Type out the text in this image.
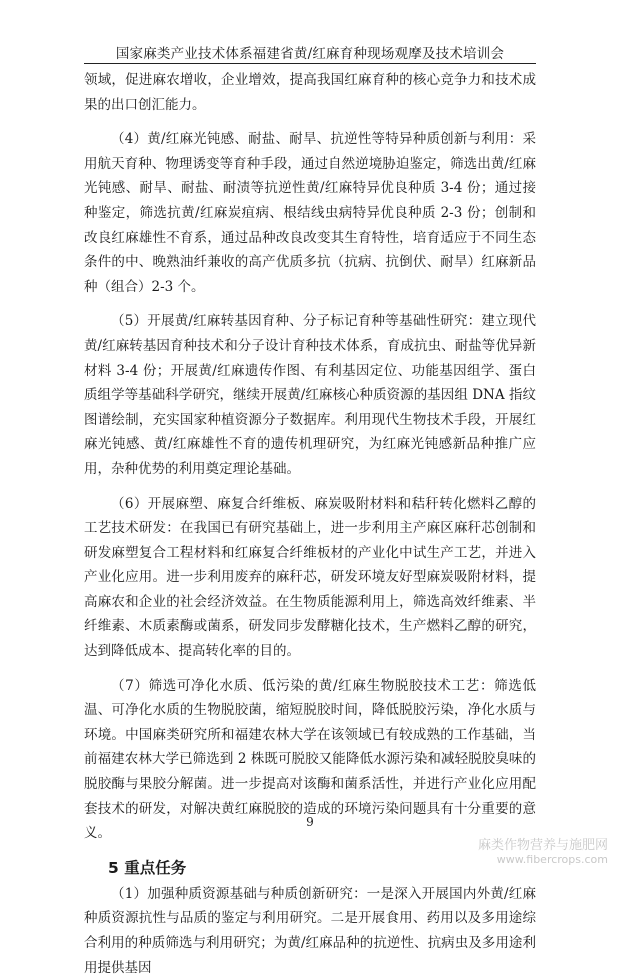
国家麻类产业技术体系福建省黄/红麻育种现场观摩及技术培训会

领域，促进麻农增收，企业增效，提高我国红麻育种的核心竞争力和技术成果的出口创汇能力。

（4）黄/红麻光钝感、耐盐、耐旱、抗逆性等特异种质创新与利用：采用航天育种、物理诱变等育种手段，通过自然逆境胁迫鉴定，筛选出黄/红麻光钝感、耐旱、耐盐、耐渍等抗逆性黄/红麻特异优良种质 3-4 份；通过接种鉴定，筛选抗黄/红麻炭疽病、根结线虫病特异优良种质 2-3 份；创制和改良红麻雄性不育系，通过品种改良改变其生育特性，培育适应于不同生态条件的中、晚熟油纤兼收的高产优质多抗（抗病、抗倒伏、耐旱）红麻新品种（组合）2-3 个。

（5）开展黄/红麻转基因育种、分子标记育种等基础性研究：建立现代黄/红麻转基因育种技术和分子设计育种技术体系，育成抗虫、耐盐等优异新材料 3-4 份；开展黄/红麻遗传作图、有利基因定位、功能基因组学、蛋白质组学等基础科学研究，继续开展黄/红麻核心种质资源的基因组 DNA 指纹图谱绘制，充实国家种植资源分子数据库。利用现代生物技术手段，开展红麻光钝感、黄/红麻雄性不育的遗传机理研究，为红麻光钝感新品种推广应用，杂种优势的利用奠定理论基础。

（6）开展麻塑、麻复合纤维板、麻炭吸附材料和秸秆转化燃料乙醇的工艺技术研发：在我国已有研究基础上，进一步利用主产麻区麻秆芯创制和研发麻塑复合工程材料和红麻复合纤维板材的产业化中试生产工艺，并进入产业化应用。进一步利用废弃的麻秆芯，研发环境友好型麻炭吸附材料，提高麻农和企业的社会经济效益。在生物质能源利用上，筛选高效纤维素、半纤维素、木质素酶或菌系，研发同步发酵糖化技术，生产燃料乙醇的研究，达到降低成本、提高转化率的目的。

（7）筛选可净化水质、低污染的黄/红麻生物脱胶技术工艺：筛选低温、可净化水质的生物脱胶菌，缩短脱胶时间，降低脱胶污染，净化水质与环境。中国麻类研究所和福建农林大学在该领域已有较成熟的工作基础，当前福建农林大学已筛选到 2 株既可脱胶又能降低水源污染和减轻脱胶臭味的脱胶酶与果胶分解菌。进一步提高对该酶和菌系活性，并进行产业化应用配套技术的研发，对解决黄红麻脱胶的造成的环境污染问题具有十分重要的意义。

5 重点任务

（1）加强种质资源基础与种质创新研究：一是深入开展国内外黄/红麻种质资源抗性与品质的鉴定与利用研究。二是开展食用、药用以及多用途综合利用的种质筛选与利用研究；为黄/红麻品种的抗逆性、抗病虫及多用途利用提供基因

9
麻类作物营养与施肥网
www.fibercrops.com
